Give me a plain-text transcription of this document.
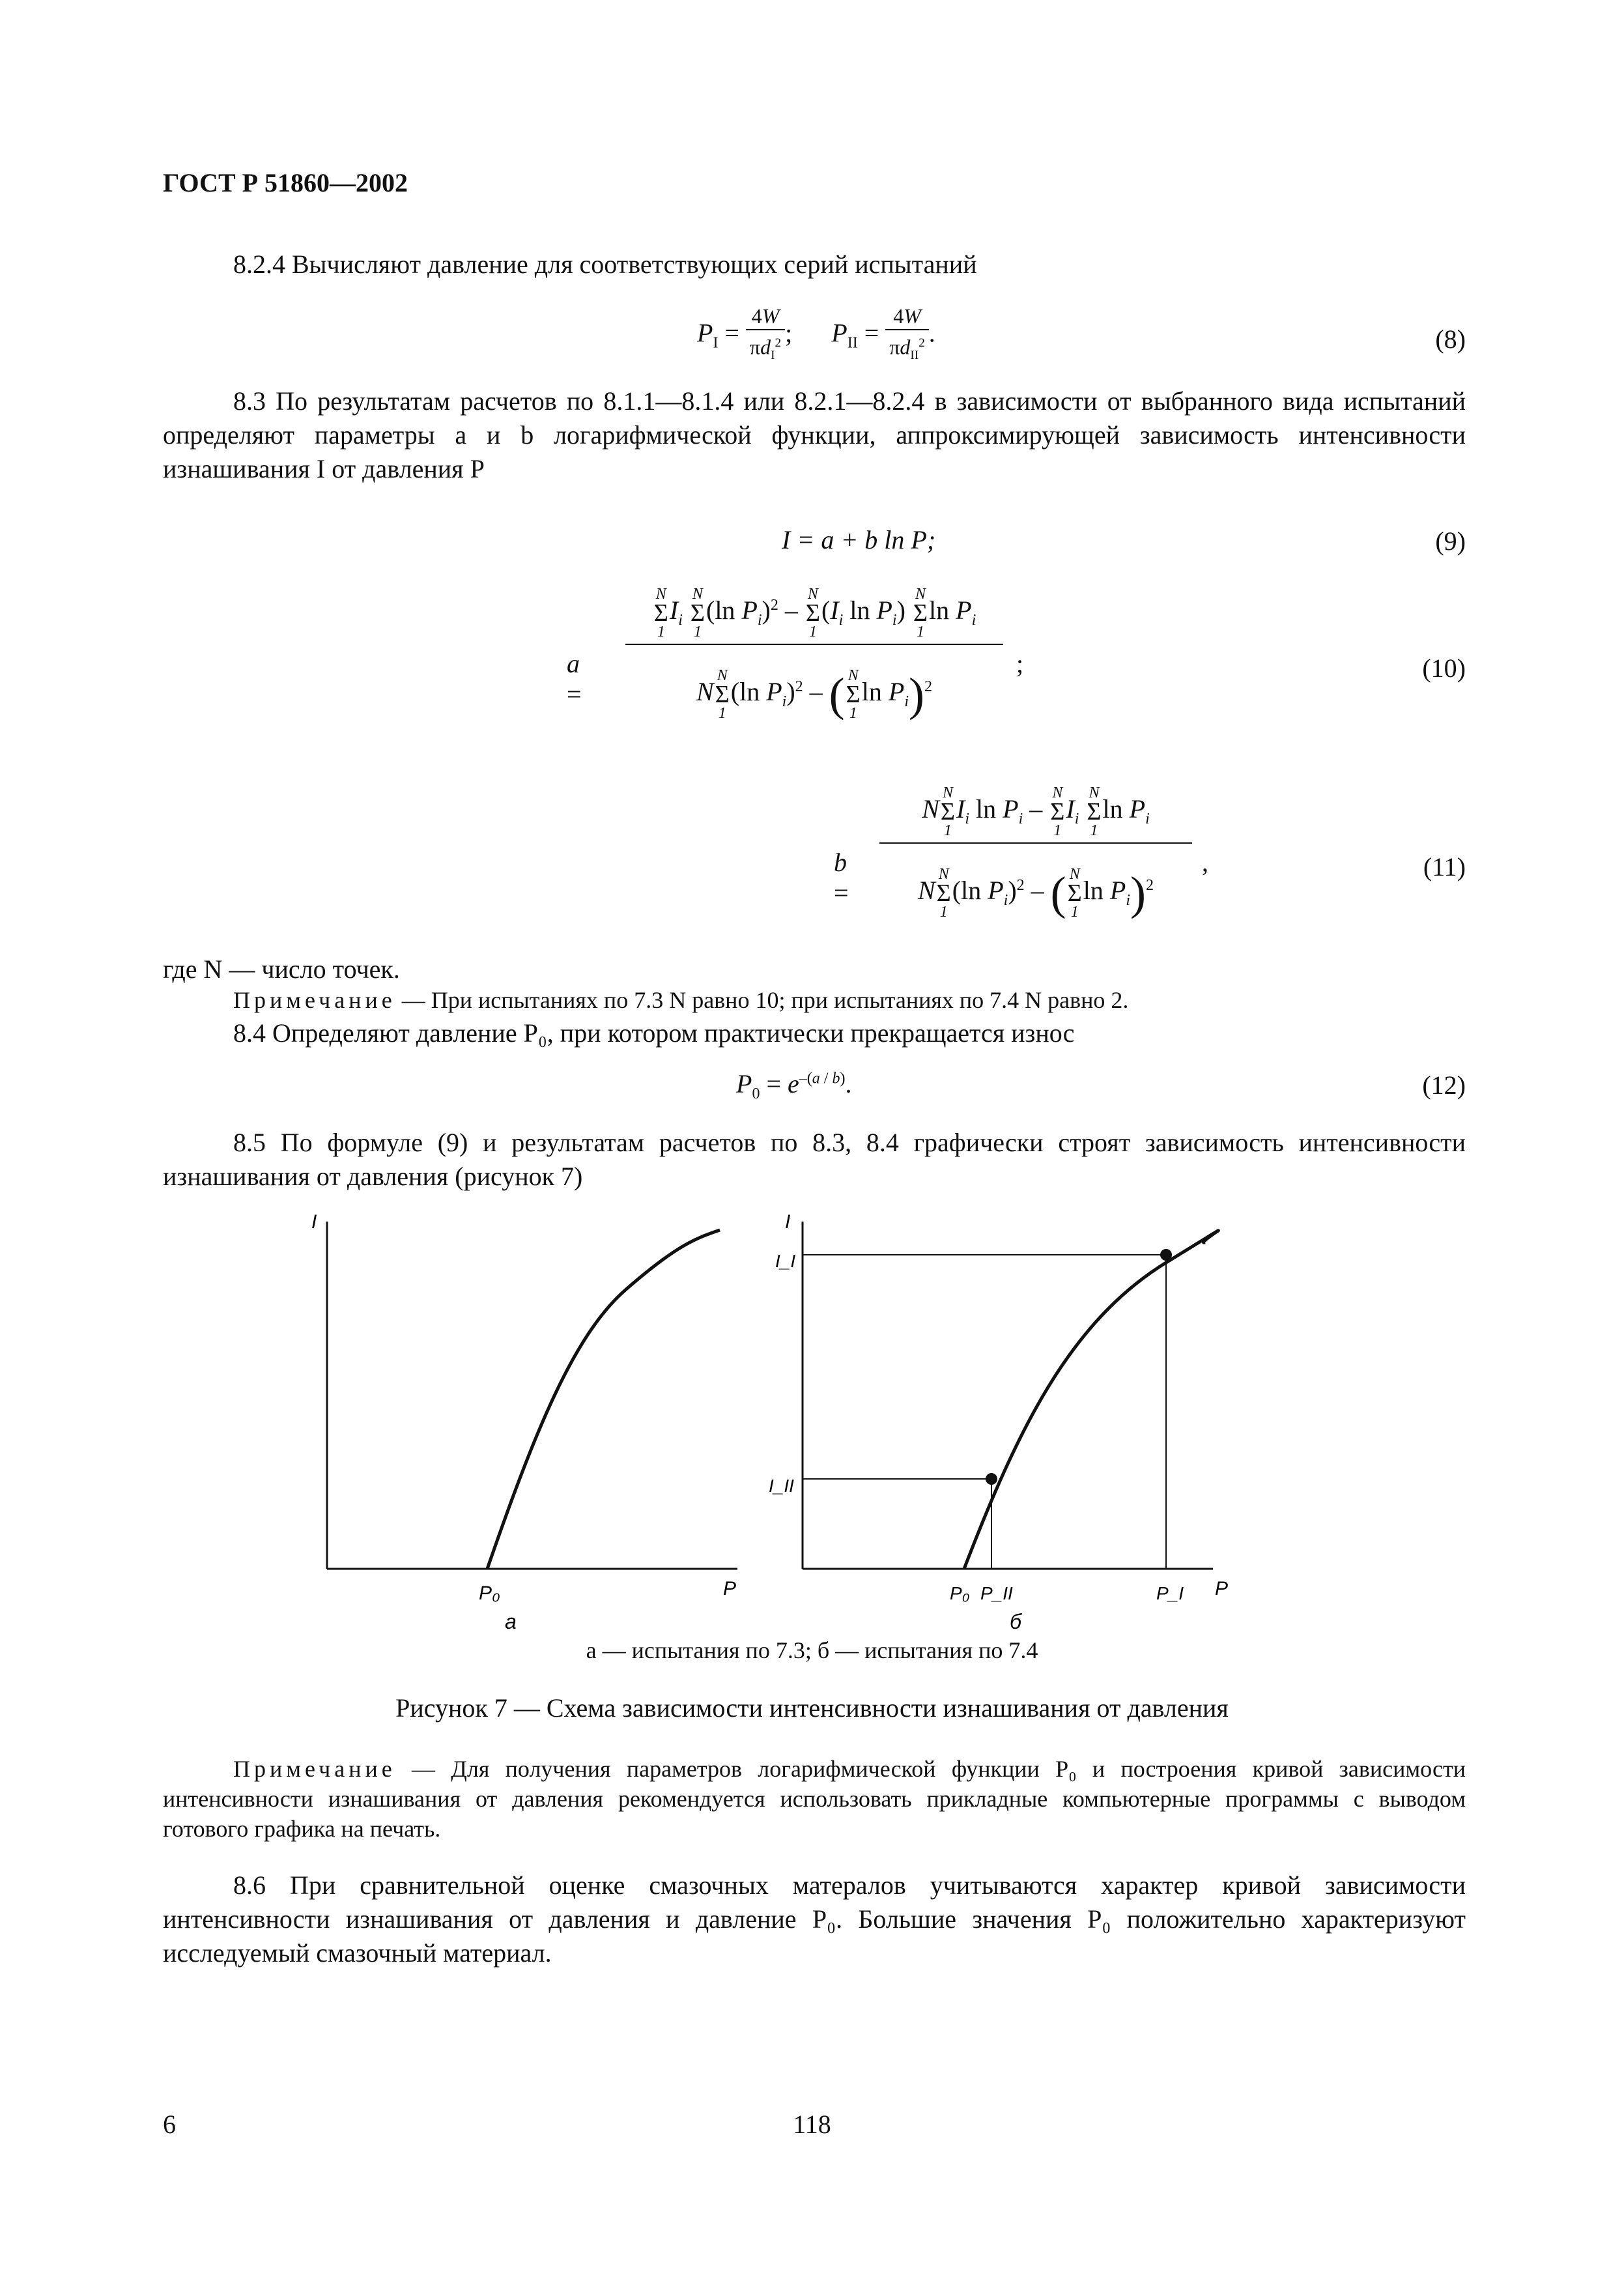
ГОСТ Р 51860—2002
8.2.4 Вычисляют давление для соответствующих серий испытаний
$P_I = \frac{4W}{\pi d_I^2}$ ;      $P_{II} = \frac{4W}{\pi d_{II}^2}$ .	(8)
8.3 По результатам расчетов по 8.1.1—8.1.4 или 8.2.1—8.2.4 в зависимости от выбранного вида испытаний определяют параметры a и b логарифмической функции, аппроксимирующей зависимость интенсивности изнашивания I от давления P
I = a + b ln P;	(9)
a =
N
Σ
1
$I_i$
N
Σ
1
(ln $P_i)^2$ –
N
Σ
1
($I_i$ $\ln P_i$)
N
Σ
1
$\ln P_i$
;
N
N
Σ
1
(ln $P_i)^2$ – ( N
Σ
1
$\ln P_i)^2$
(10)
b =
N
N
Σ
1
$I_i$ $\ln P_i$ –
N
Σ
1
$I_i$
N
Σ
1
$\ln P_i$
,
N
N
Σ
1
(ln $P_i)^2$ – ( N
Σ
1
$\ln P_i)^2$
(11)
где N — число точек.
Примечание — При испытаниях по 7.3 N равно 10; при испытаниях по 7.4 N равно 2.
8.4 Определяют давление P₀, при котором практически прекращается износ
$P_0 = e^{-(a / b)}$.	(12)
8.5 По формуле (9) и результатам расчетов по 8.3, 8.4 графически строят зависимость интенсивности изнашивания от давления (рисунок 7)
I
P
P₀
а
I
I_I
I_II
P₀ P_II	P_I P
б
а — испытания по 7.3; б — испытания по 7.4
Рисунок 7 — Схема зависимости интенсивности изнашивания от давления
Примечание — Для получения параметров логарифмической функции P₀ и построения кривой зависимости интенсивности изнашивания от давления рекомендуется использовать прикладные компьютерные программы с выводом готового графика на печать.
8.6 При сравнительной оценке смазочных матералов учитываются характер кривой зависимости интенсивности изнашивания от давления и давление P₀. Большие значения P₀ положительно характеризуют исследуемый смазочный материал.
6	118
